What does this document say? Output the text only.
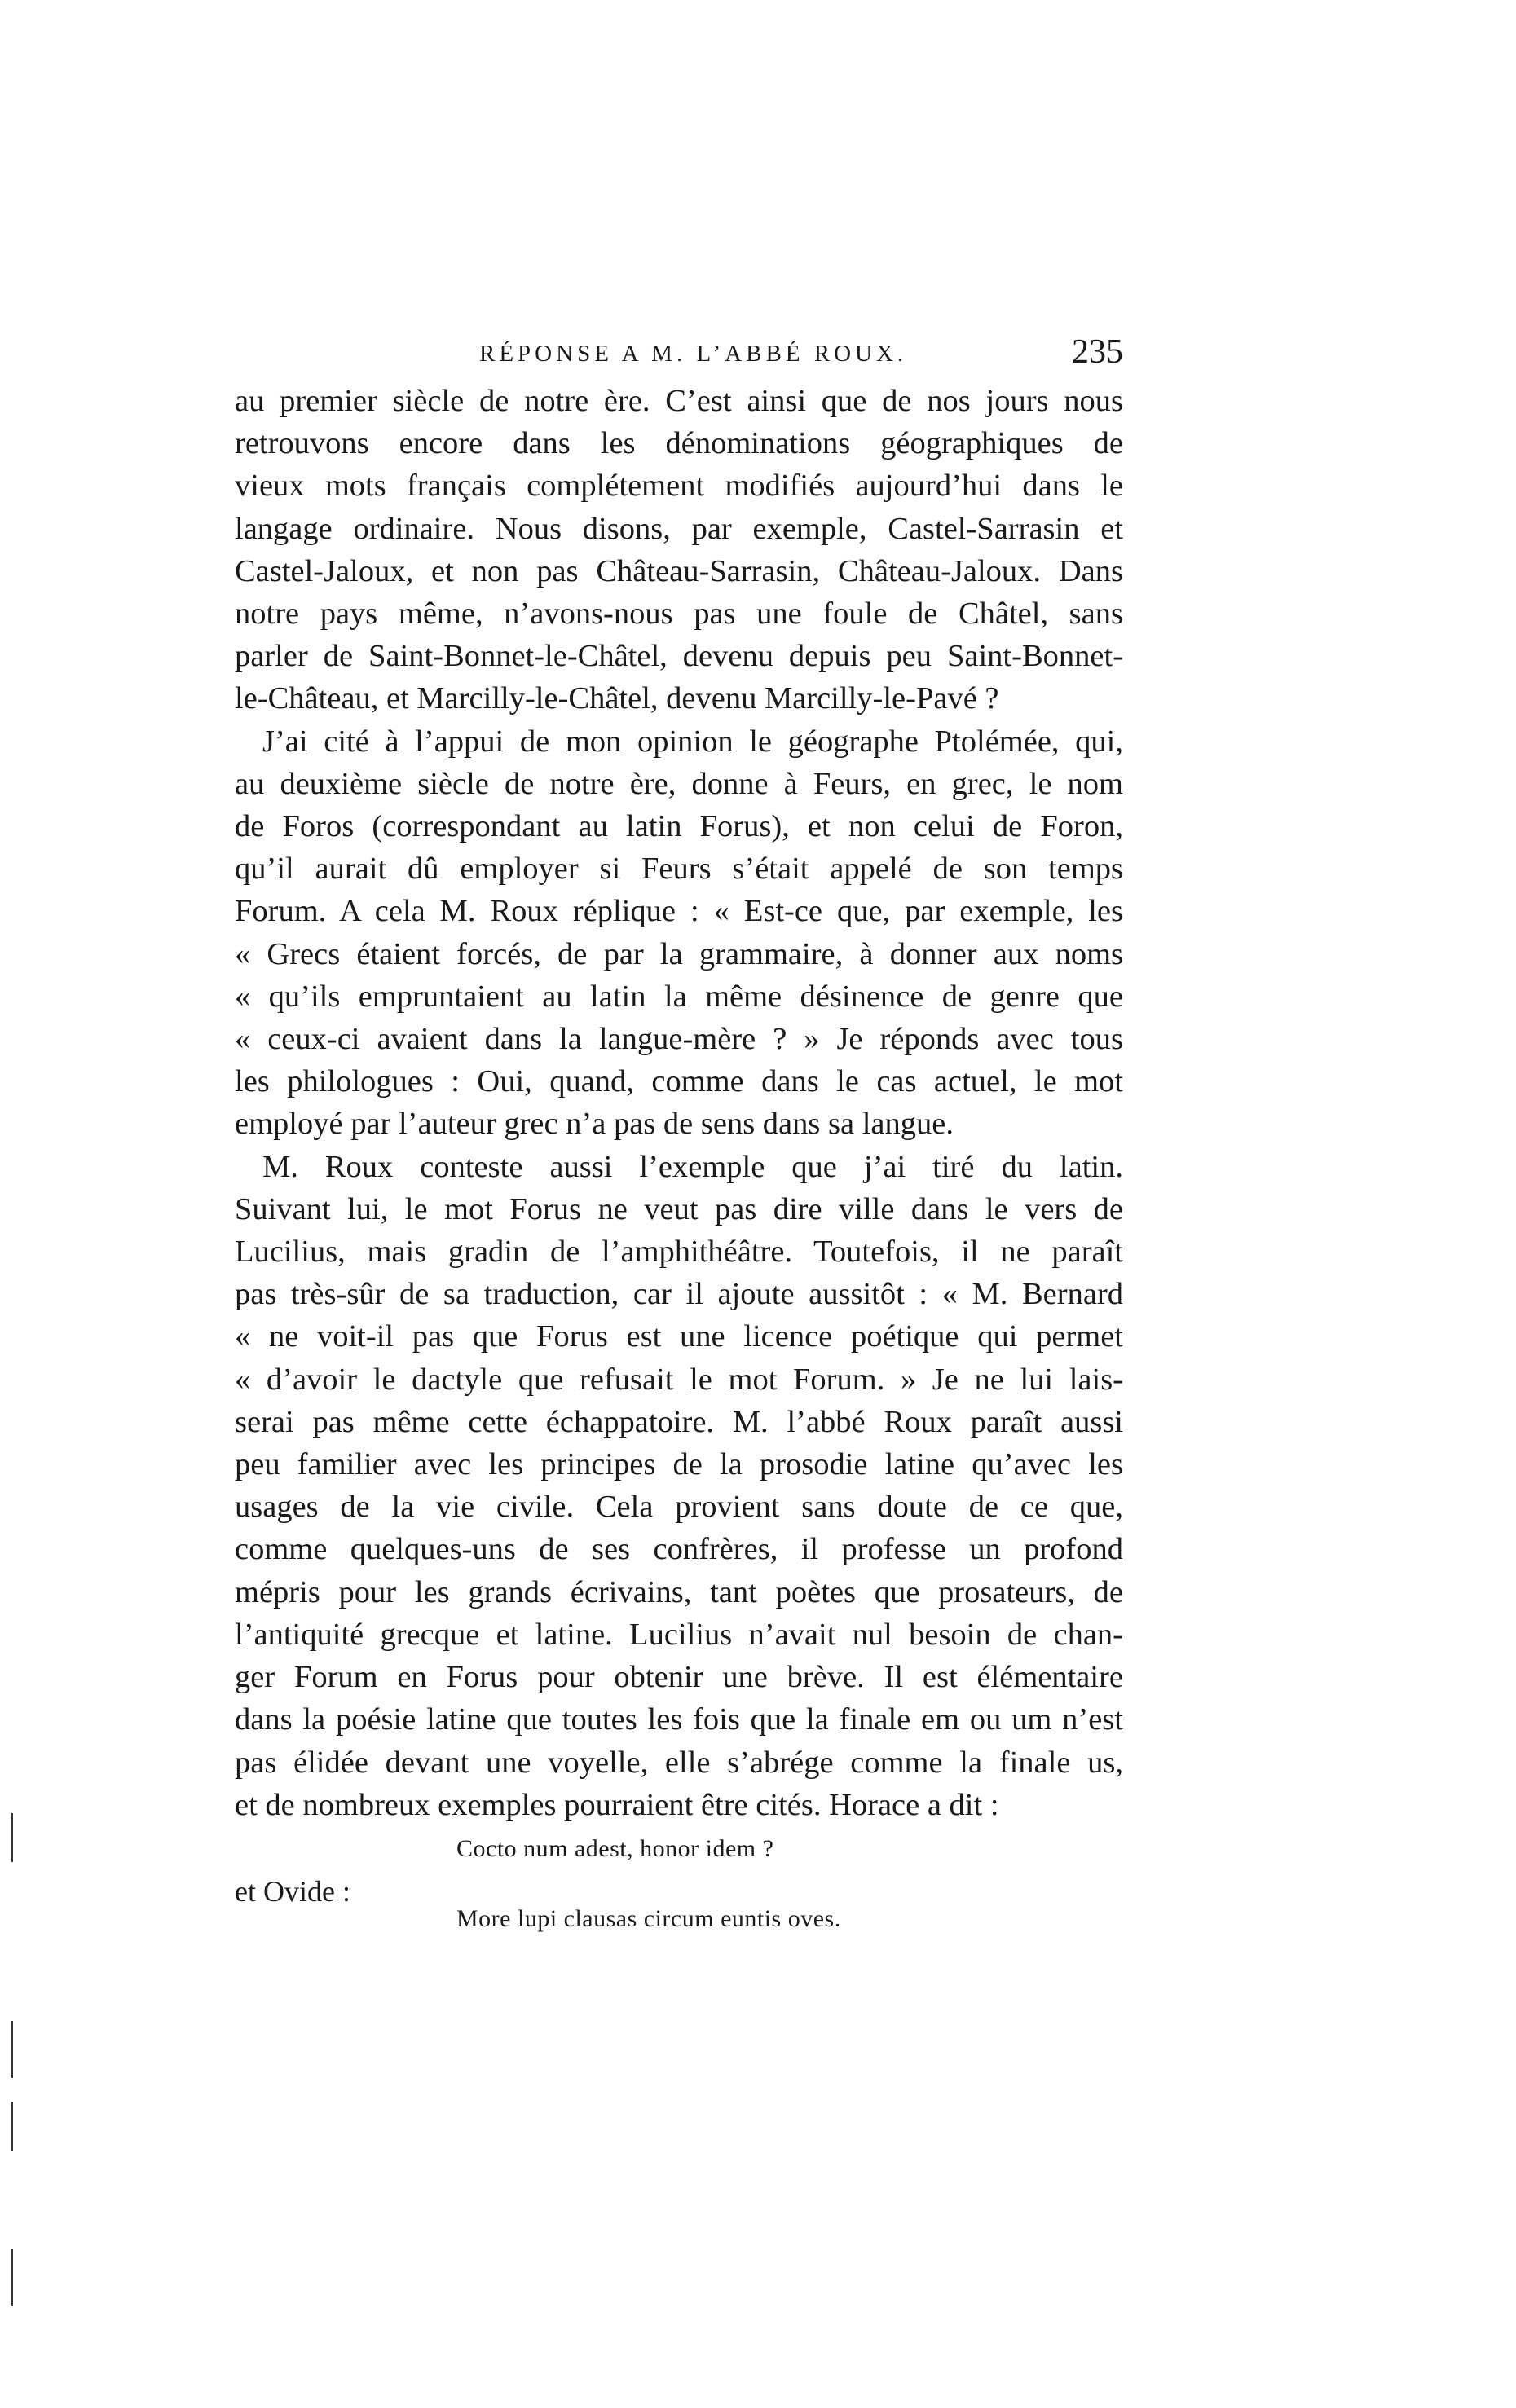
RÉPONSE A M. L’ABBÉ ROUX.	235
au premier siècle de notre ère. C’est ainsi que de nos jours nous
retrouvons encore dans les dénominations géographiques de
vieux mots français complétement modifiés aujourd’hui dans le
langage ordinaire. Nous disons, par exemple, Castel-Sarrasin et
Castel-Jaloux, et non pas Château-Sarrasin, Château-Jaloux. Dans
notre pays même, n’avons-nous pas une foule de Châtel, sans
parler de Saint-Bonnet-le-Châtel, devenu depuis peu Saint-Bonnet-
le-Château, et Marcilly-le-Châtel, devenu Marcilly-le-Pavé ?
J’ai cité à l’appui de mon opinion le géographe Ptolémée, qui,
au deuxième siècle de notre ère, donne à Feurs, en grec, le nom
de Foros (correspondant au latin Forus), et non celui de Foron,
qu’il aurait dû employer si Feurs s’était appelé de son temps
Forum. A cela M. Roux réplique : « Est-ce que, par exemple, les
« Grecs étaient forcés, de par la grammaire, à donner aux noms
« qu’ils empruntaient au latin la même désinence de genre que
« ceux-ci avaient dans la langue-mère ? » Je réponds avec tous
les philologues : Oui, quand, comme dans le cas actuel, le mot
employé par l’auteur grec n’a pas de sens dans sa langue.
M. Roux conteste aussi l’exemple que j’ai tiré du latin.
Suivant lui, le mot Forus ne veut pas dire ville dans le vers de
Lucilius, mais gradin de l’amphithéâtre. Toutefois, il ne paraît
pas très-sûr de sa traduction, car il ajoute aussitôt : « M. Bernard
« ne voit-il pas que Forus est une licence poétique qui permet
« d’avoir le dactyle que refusait le mot Forum. » Je ne lui lais-
serai pas même cette échappatoire. M. l’abbé Roux paraît aussi
peu familier avec les principes de la prosodie latine qu’avec les
usages de la vie civile. Cela provient sans doute de ce que,
comme quelques-uns de ses confrères, il professe un profond
mépris pour les grands écrivains, tant poètes que prosateurs, de
l’antiquité grecque et latine. Lucilius n’avait nul besoin de chan-
ger Forum en Forus pour obtenir une brève. Il est élémentaire
dans la poésie latine que toutes les fois que la finale em ou um n’est
pas élidée devant une voyelle, elle s’abrége comme la finale us,
et de nombreux exemples pourraient être cités. Horace a dit :
Cocto num adest, honor idem ?
et Ovide :
More lupi clausas circum euntis oves.
